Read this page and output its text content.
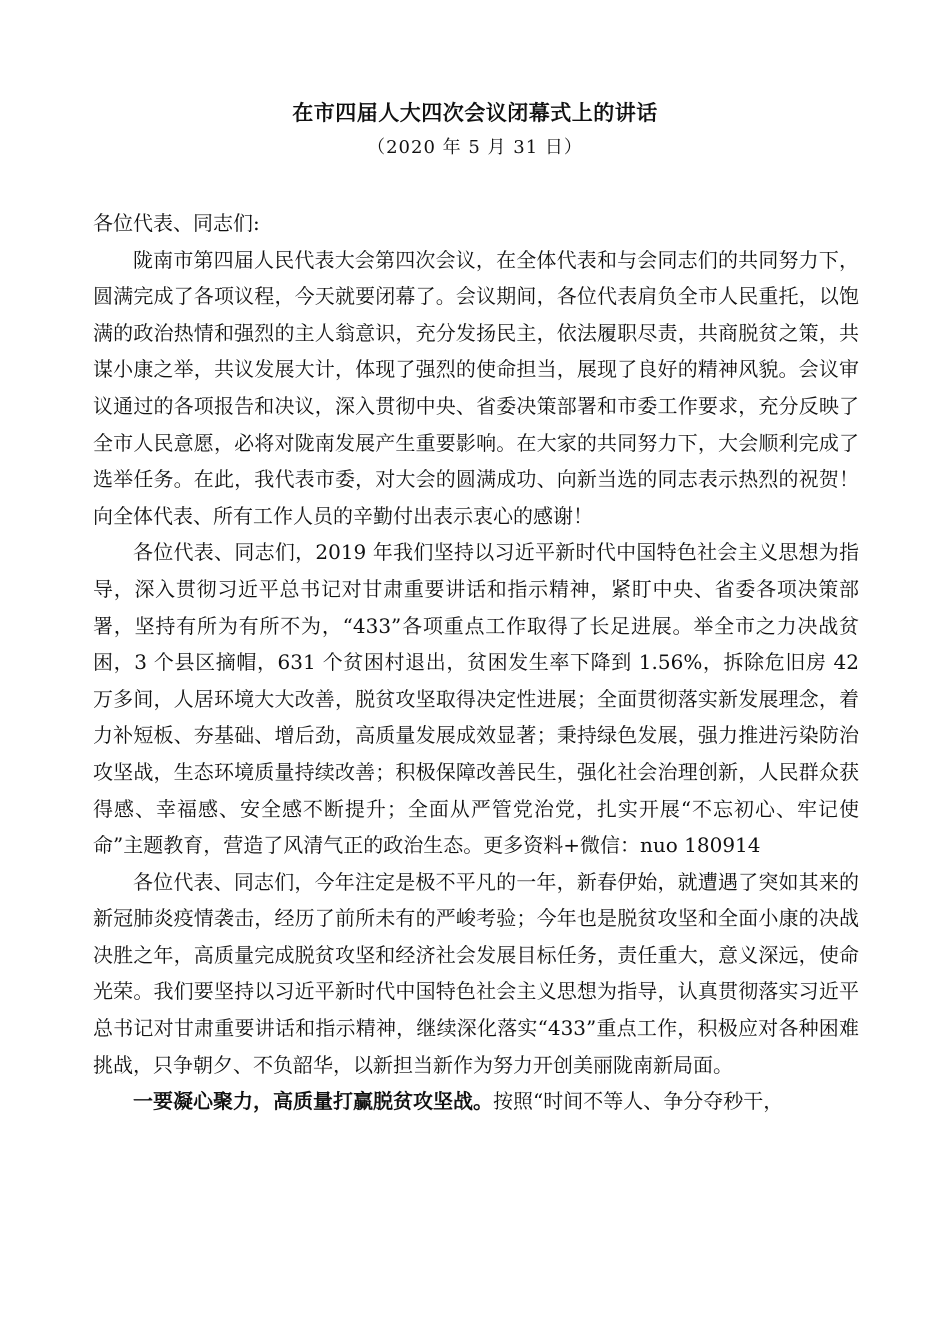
在市四届人大四次会议闭幕式上的讲话
（2020 年 5 月 31 日）

各位代表、同志们:

陇南市第四届人民代表大会第四次会议，在全体代表和与会同志们的共同努力下，圆满完成了各项议程，今天就要闭幕了。会议期间，各位代表肩负全市人民重托，以饱满的政治热情和强烈的主人翁意识，充分发扬民主，依法履职尽责，共商脱贫之策，共谋小康之举，共议发展大计，体现了强烈的使命担当，展现了良好的精神风貌。会议审议通过的各项报告和决议，深入贯彻中央、省委决策部署和市委工作要求，充分反映了全市人民意愿，必将对陇南发展产生重要影响。在大家的共同努力下，大会顺利完成了选举任务。在此，我代表市委，对大会的圆满成功、向新当选的同志表示热烈的祝贺！向全体代表、所有工作人员的辛勤付出表示衷心的感谢！

各位代表、同志们，2019 年我们坚持以习近平新时代中国特色社会主义思想为指导，深入贯彻习近平总书记对甘肃重要讲话和指示精神，紧盯中央、省委各项决策部署，坚持有所为有所不为，“433”各项重点工作取得了长足进展。举全市之力决战贫困，3 个县区摘帽，631 个贫困村退出，贫困发生率下降到 1.56%，拆除危旧房 42 万多间，人居环境大大改善，脱贫攻坚取得决定性进展；全面贯彻落实新发展理念，着力补短板、夯基础、增后劲，高质量发展成效显著；秉持绿色发展，强力推进污染防治攻坚战，生态环境质量持续改善；积极保障改善民生，强化社会治理创新，人民群众获得感、幸福感、安全感不断提升；全面从严管党治党，扎实开展“不忘初心、牢记使命”主题教育，营造了风清气正的政治生态。更多资料+微信：nuo 180914

各位代表、同志们，今年注定是极不平凡的一年，新春伊始，就遭遇了突如其来的新冠肺炎疫情袭击，经历了前所未有的严峻考验；今年也是脱贫攻坚和全面小康的决战决胜之年，高质量完成脱贫攻坚和经济社会发展目标任务，责任重大，意义深远，使命光荣。我们要坚持以习近平新时代中国特色社会主义思想为指导，认真贯彻落实习近平总书记对甘肃重要讲话和指示精神，继续深化落实“433”重点工作，积极应对各种困难挑战，只争朝夕、不负韶华，以新担当新作为努力开创美丽陇南新局面。

一要凝心聚力，高质量打赢脱贫攻坚战。按照“时间不等人、争分夺秒干，
